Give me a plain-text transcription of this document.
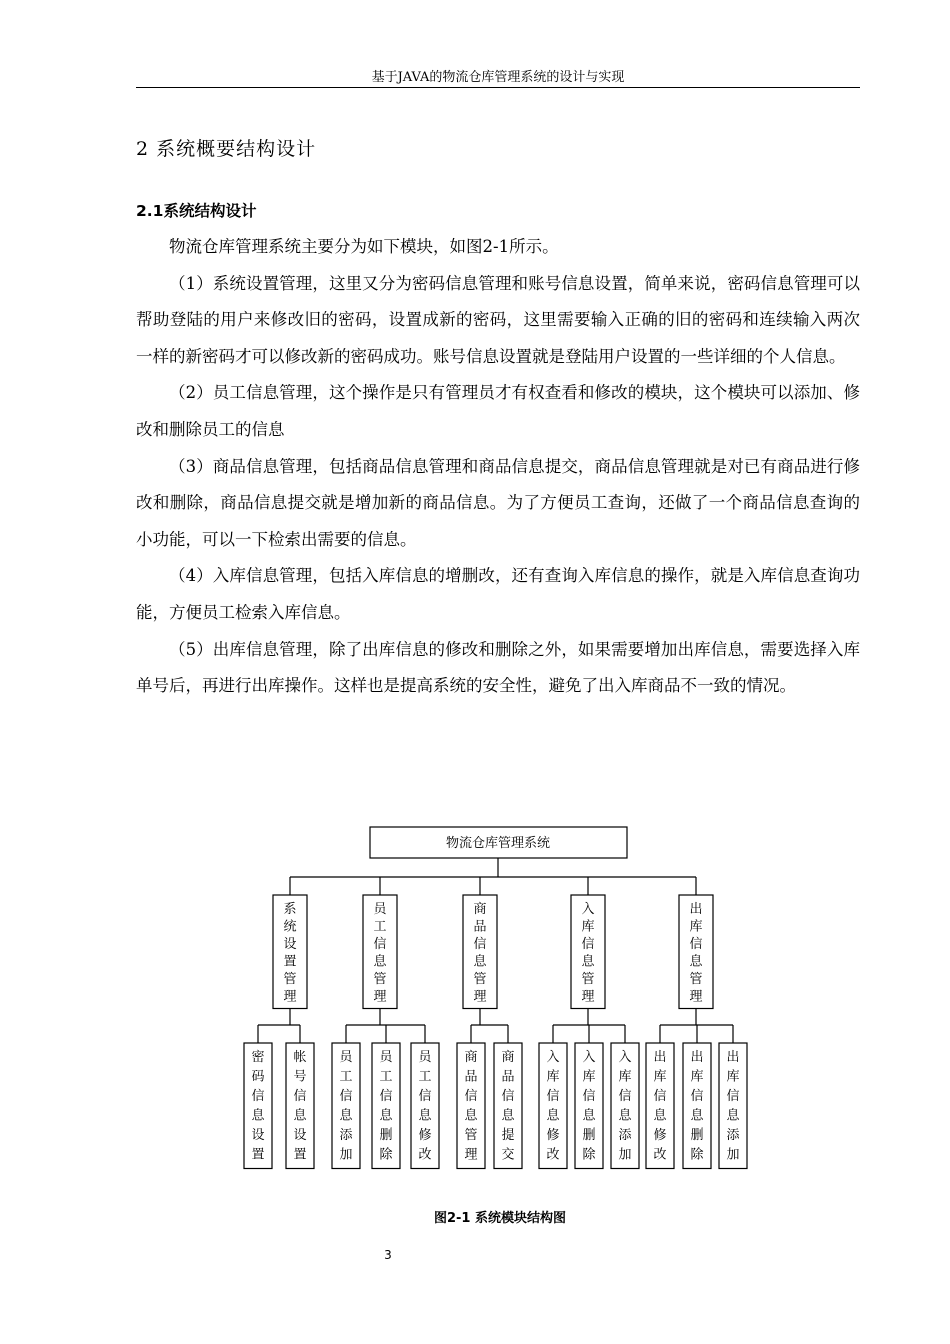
基于JAVA的物流仓库管理系统的设计与实现
2 系统概要结构设计
2.1系统结构设计

物流仓库管理系统主要分为如下模块，如图2-1所示。

（1）系统设置管理，这里又分为密码信息管理和账号信息设置，简单来说，密码信息管理可以帮助登陆的用户来修改旧的密码，设置成新的密码，这里需要输入正确的旧的密码和连续输入两次一样的新密码才可以修改新的密码成功。账号信息设置就是登陆用户设置的一些详细的个人信息。

（2）员工信息管理，这个操作是只有管理员才有权查看和修改的模块，这个模块可以添加、修改和删除员工的信息

（3）商品信息管理，包括商品信息管理和商品信息提交，商品信息管理就是对已有商品进行修改和删除，商品信息提交就是增加新的商品信息。为了方便员工查询，还做了一个商品信息查询的小功能，可以一下检索出需要的信息。

（4）入库信息管理，包括入库信息的增删改，还有查询入库信息的操作，就是入库信息查询功能，方便员工检索入库信息。

（5）出库信息管理，除了出库信息的修改和删除之外，如果需要增加出库信息，需要选择入库单号后，再进行出库操作。这样也是提高系统的安全性，避免了出入库商品不一致的情况。

物流仓库管理系统
系统设置管理
密码信息设置
帐号信息设置
员工信息管理
员工信息添加
员工信息删除
员工信息修改
商品信息管理
商品信息管理
商品信息提交
入库信息管理
入库信息修改
入库信息删除
入库信息添加
出库信息管理
出库信息修改
出库信息删除
出库信息添加
图2-1 系统模块结构图
3
